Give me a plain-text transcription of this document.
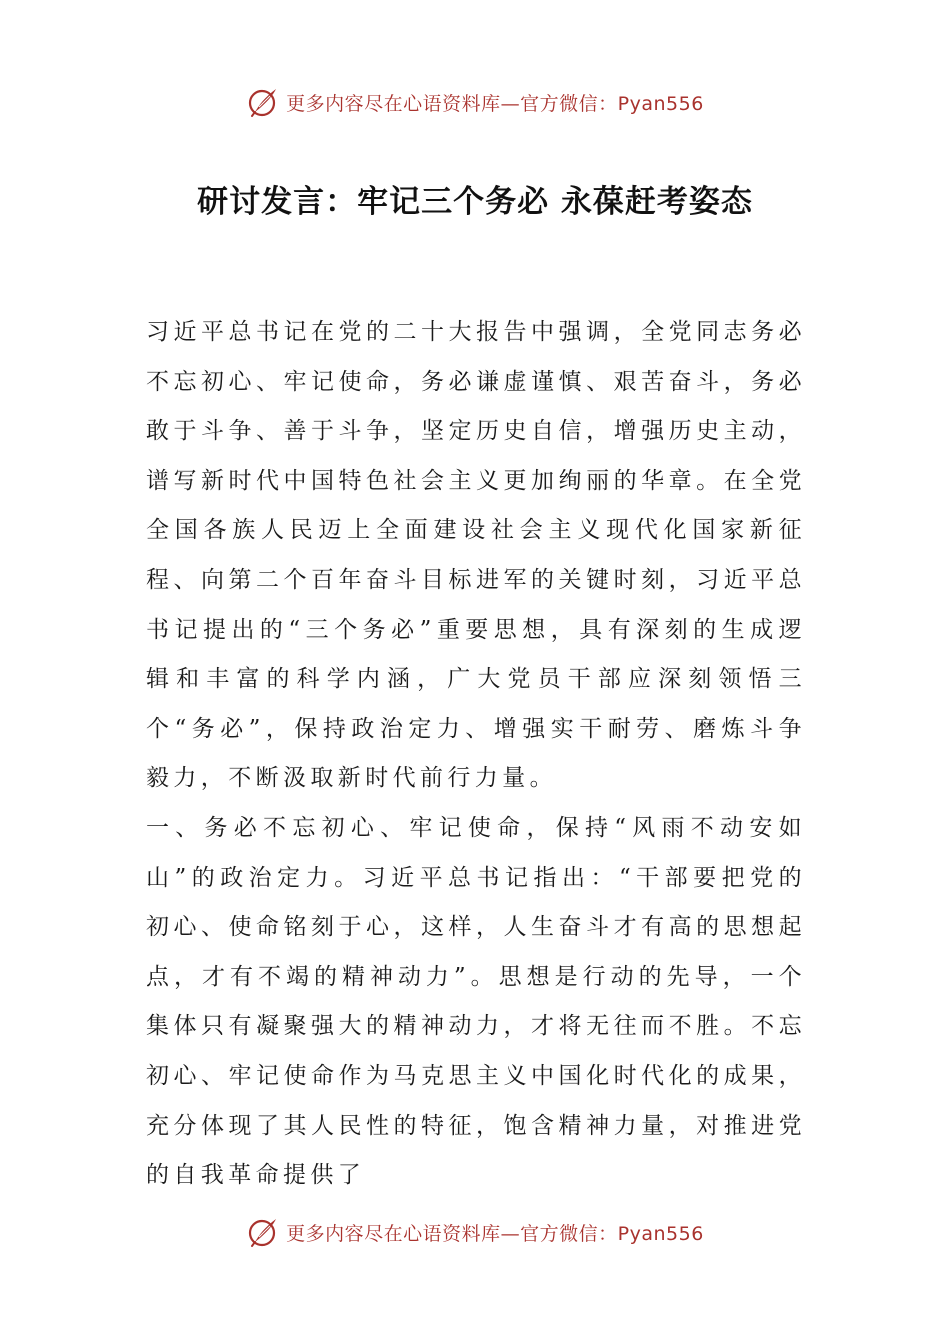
更多内容尽在心语资料库—官方微信：Pyan556
研讨发言：牢记三个务必 永葆赶考姿态

习近平总书记在党的二十大报告中强调，全党同志务必不忘初心、牢记使命，务必谦虚谨慎、艰苦奋斗，务必敢于斗争、善于斗争，坚定历史自信，增强历史主动，谱写新时代中国特色社会主义更加绚丽的华章。在全党全国各族人民迈上全面建设社会主义现代化国家新征程、向第二个百年奋斗目标进军的关键时刻，习近平总书记提出的“三个务必”重要思想，具有深刻的生成逻辑和丰富的科学内涵，广大党员干部应深刻领悟三个“务必”，保持政治定力、增强实干耐劳、磨炼斗争毅力，不断汲取新时代前行力量。

一、务必不忘初心、牢记使命，保持“风雨不动安如山”的政治定力。习近平总书记指出：“干部要把党的初心、使命铭刻于心，这样，人生奋斗才有高的思想起点，才有不竭的精神动力”。思想是行动的先导，一个集体只有凝聚强大的精神动力，才将无往而不胜。不忘初心、牢记使命作为马克思主义中国化时代化的成果，充分体现了其人民性的特征，饱含精神力量，对推进党的自我革命提供了

更多内容尽在心语资料库—官方微信：Pyan556
